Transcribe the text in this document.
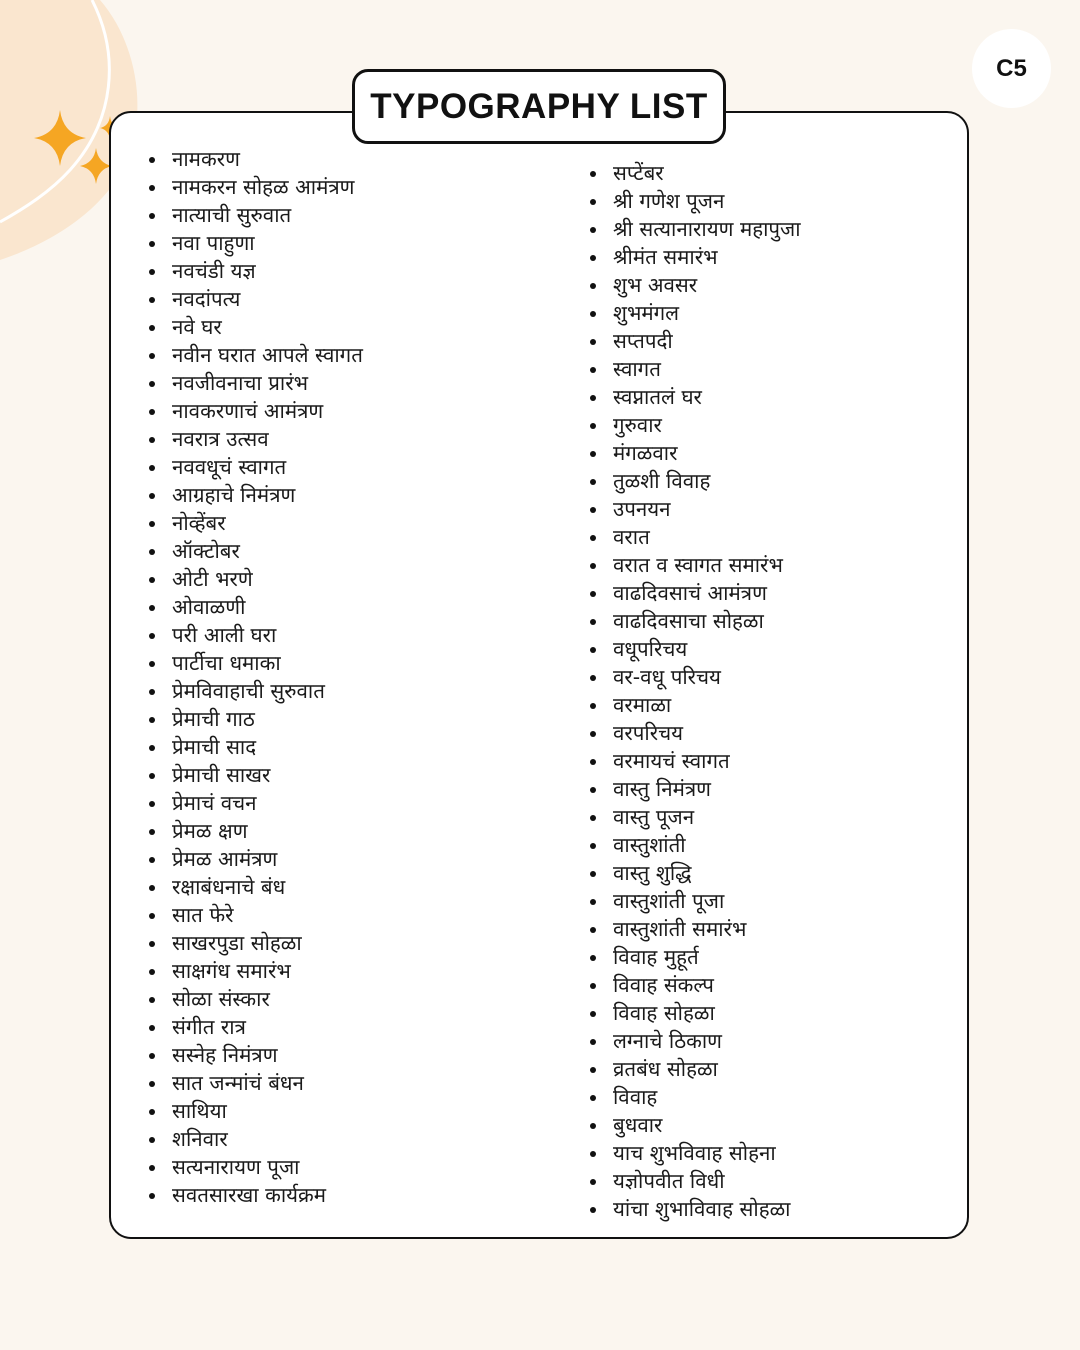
C5
TYPOGRAPHY LIST
नामकरण
नामकरन सोहळ आमंत्रण
नात्याची सुरुवात
नवा पाहुणा
नवचंडी यज्ञ
नवदांपत्य
नवे घर
नवीन घरात आपले स्वागत
नवजीवनाचा प्रारंभ
नावकरणाचं आमंत्रण
नवरात्र उत्सव
नववधूचं स्वागत
आग्रहाचे निमंत्रण
नोव्हेंबर
ऑक्टोबर
ओटी भरणे
ओवाळणी
परी आली घरा
पार्टीचा धमाका
प्रेमविवाहाची सुरुवात
प्रेमाची गाठ
प्रेमाची साद
प्रेमाची साखर
प्रेमाचं वचन
प्रेमळ क्षण
प्रेमळ आमंत्रण
रक्षाबंधनाचे बंध
सात फेरे
साखरपुडा सोहळा
साक्षगंध समारंभ
सोळा संस्कार
संगीत रात्र
सस्नेह निमंत्रण
सात जन्मांचं बंधन
साथिया
शनिवार
सत्यनारायण पूजा
सवतसारखा कार्यक्रम
सप्टेंबर
श्री गणेश पूजन
श्री सत्यानारायण महापुजा
श्रीमंत समारंभ
शुभ अवसर
शुभमंगल
सप्तपदी
स्वागत
स्वप्नातलं घर
गुरुवार
मंगळवार
तुळशी विवाह
उपनयन
वरात
वरात व स्वागत समारंभ
वाढदिवसाचं आमंत्रण
वाढदिवसाचा सोहळा
वधूपरिचय
वर-वधू परिचय
वरमाळा
वरपरिचय
वरमायचं स्वागत
वास्तु निमंत्रण
वास्तु पूजन
वास्तुशांती
वास्तु शुद्धि
वास्तुशांती पूजा
वास्तुशांती समारंभ
विवाह मुहूर्त
विवाह संकल्प
विवाह सोहळा
लग्नाचे ठिकाण
व्रतबंध सोहळा
विवाह
बुधवार
याच शुभविवाह सोहना
यज्ञोपवीत विधी
यांचा शुभाविवाह सोहळा
